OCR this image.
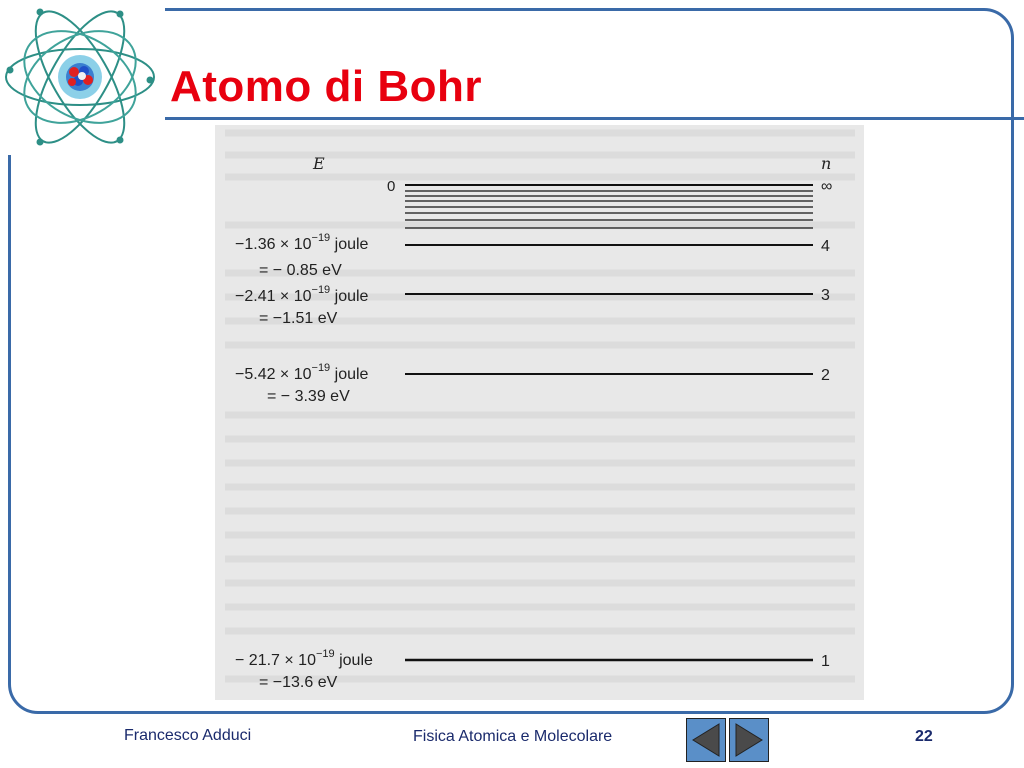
Atomo di Bohr
E	n
0	∞
$-1.36 \times 10^{-19}$ joule	4
= − 0.85 eV
$-2.41 \times 10^{-19}$ joule	3
= −1.51 eV
$-5.42 \times 10^{-19}$ joule	2
= − 3.39 eV
− $21.7 \times 10^{-19}$ joule	1
= −13.6 eV
Francesco Adduci	Fisica Atomica e Molecolare	22
